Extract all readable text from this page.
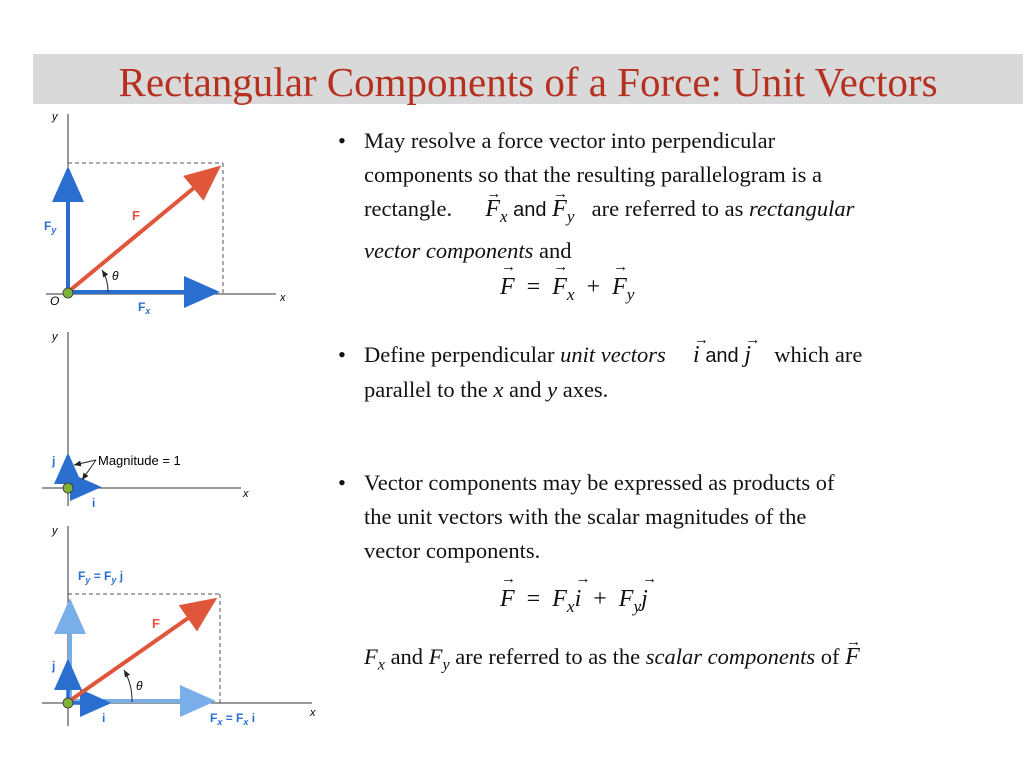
Rectangular Components of a Force: Unit Vectors
y
x
O
F
θ
$F_y$
$F_x$
y
x
j
i
Magnitude = 1
y
x
$F_y = F_y$ j
F
j
i
θ
$F_x = F_x$ i
• May resolve a force vector into perpendicular
components so that the resulting parallelogram is a
rectangle. → $F_x$ and → $F_y$ are referred to as rectangular
vector components and
→ F = → $F_x$ + → $F_y$
• Define perpendicular unit vectors → i and → j which are
parallel to the x and y axes.
• Vector components may be expressed as products of
the unit vectors with the scalar magnitudes of the
vector components.
→ $F = F_x\to i + F_y\to j$
$F_x$ and $F_y$ are referred to as the scalar components of → F
